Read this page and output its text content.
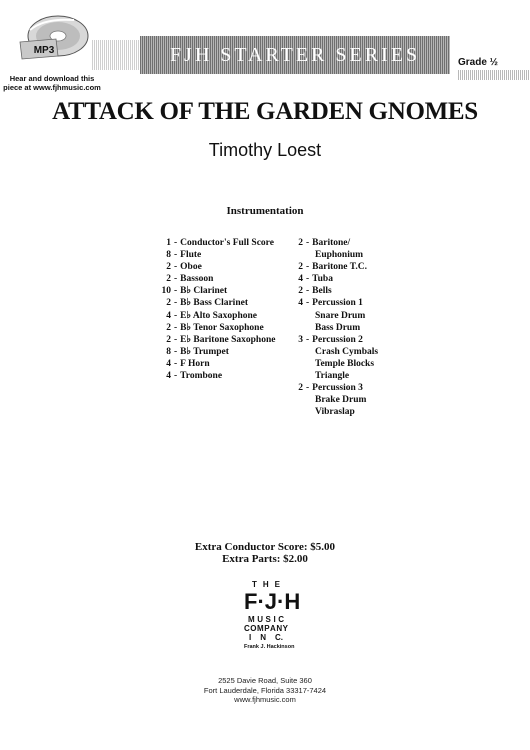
MP3
Hear and download this
piece at www.fjhmusic.com
FJH STARTER SERIES	Grade ½
ATTACK OF THE GARDEN GNOMES
Timothy Loest
Instrumentation
1 - Conductor's Full Score
8 - Flute
2 - Oboe
2 - Bassoon
10 - B♭ Clarinet
2 - B♭ Bass Clarinet
4 - E♭ Alto Saxophone
2 - B♭ Tenor Saxophone
2 - E♭ Baritone Saxophone
8 - B♭ Trumpet
4 - F Horn
4 - Trombone
2 - Baritone/
Euphonium
2 - Baritone T.C.
4 - Tuba
2 - Bells
4 - Percussion 1
Snare Drum
Bass Drum
3 - Percussion 2
Crash Cymbals
Temple Blocks
Triangle
2 - Percussion 3
Brake Drum
Vibraslap
Extra Conductor Score: $5.00
Extra Parts: $2.00
T H E
F · J · H
M U S I C
C O M P A N Y
I N C.
Frank J. Hackinson
2525 Davie Road, Suite 360
Fort Lauderdale, Florida 33317-7424
www.fjhmusic.com
